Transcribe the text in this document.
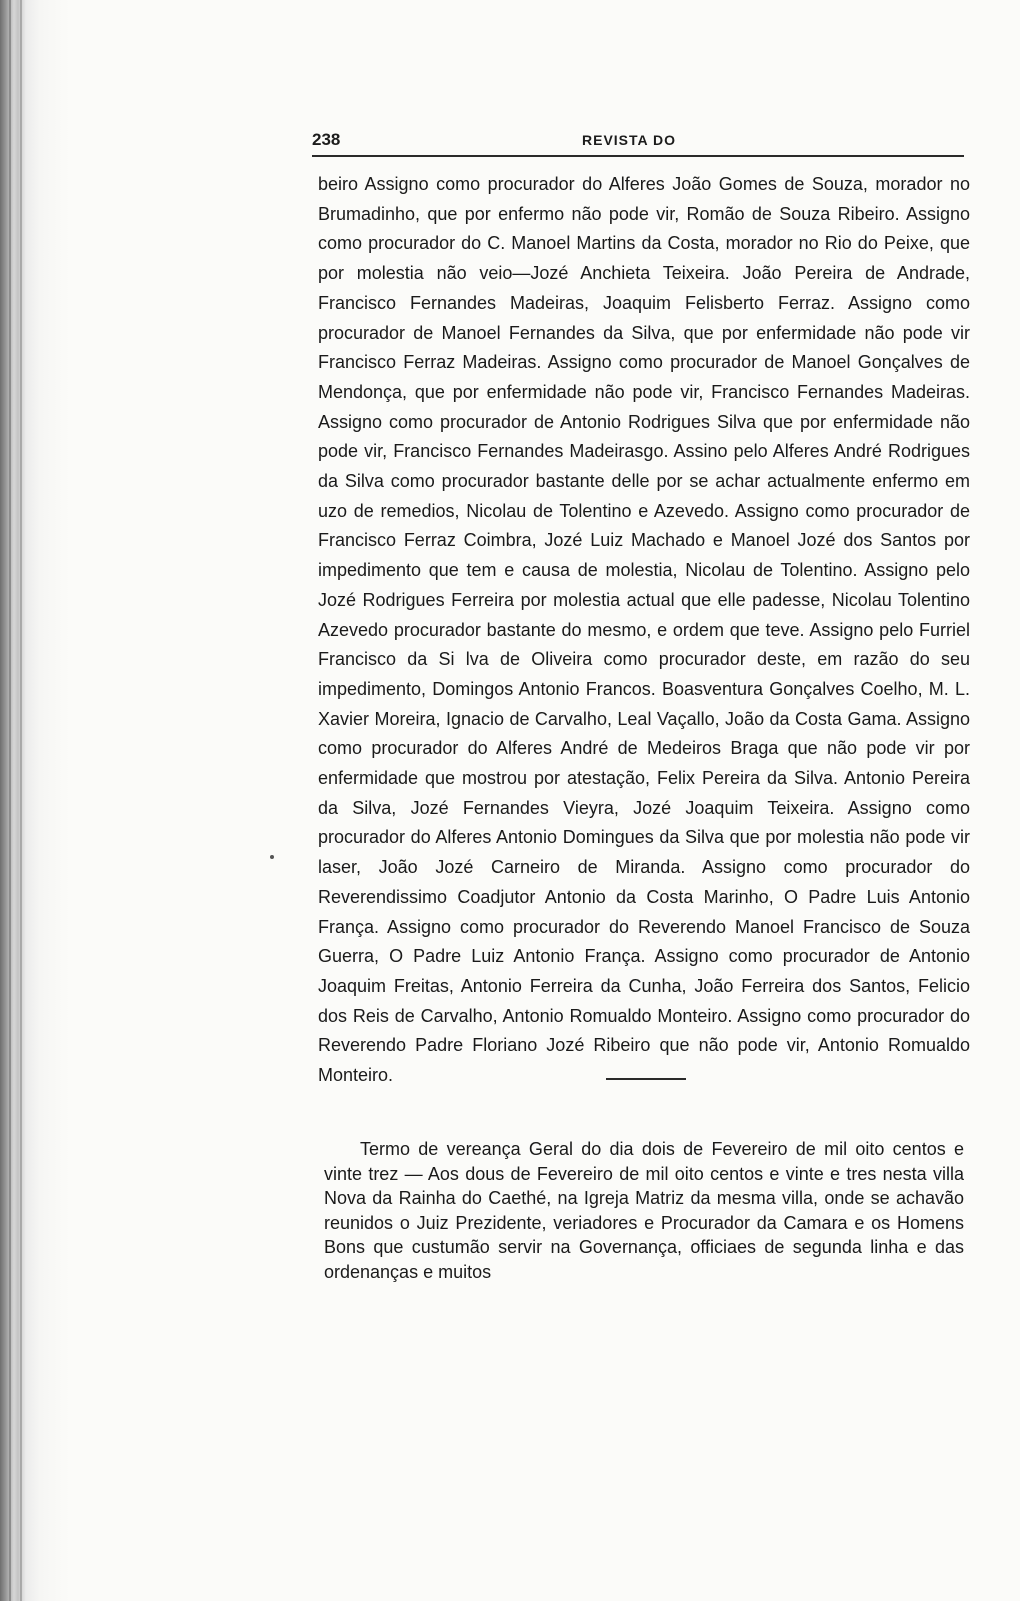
238	REVISTA DO
beiro Assigno como procurador do Alferes João Gomes de Souza, morador no Brumadinho, que por enfermo não pode vir, Romão de Souza Ribeiro. Assigno como procurador do C. Manoel Martins da Costa, morador no Rio do Peixe, que por molestia não veio—Jozé Anchieta Teixeira. João Pereira de Andrade, Francisco Fernandes Madeiras, Joaquim Felisberto Ferraz. Assigno como procurador de Manoel Fernandes da Silva, que por enfermidade não pode vir Francisco Ferraz Madeiras. Assigno como procurador de Manoel Gonçalves de Mendonça, que por enfermidade não pode vir, Francisco Fernandes Madeiras. Assigno como procurador de Antonio Rodrigues Silva que por enfermidade não pode vir, Francisco Fernandes Madeirasgo. Assino pelo Alferes André Rodrigues da Silva como procurador bastante delle por se achar actualmente enfermo em uzo de remedios, Nicolau de Tolentino e Azevedo. Assigno como procurador de Francisco Ferraz Coimbra, Jozé Luiz Machado e Manoel Jozé dos Santos por impedimento que tem e causa de molestia, Nicolau de Tolentino. Assigno pelo Jozé Rodrigues Ferreira por molestia actual que elle padesse, Nicolau Tolentino Azevedo procurador bastante do mesmo, e ordem que teve. Assigno pelo Furriel Francisco da Si lva de Oliveira como procurador deste, em razão do seu impedimento, Domingos Antonio Francos. Boasventura Gonçalves Coelho, M. L. Xavier Moreira, Ignacio de Carvalho, Leal Vaçallo, João da Costa Gama. Assigno como procurador do Alferes André de Medeiros Braga que não pode vir por enfermidade que mostrou por atestação, Felix Pereira da Silva. Antonio Pereira da Silva, Jozé Fernandes Vieyra, Jozé Joaquim Teixeira. Assigno como procurador do Alferes Antonio Domingues da Silva que por molestia não pode vir laser, João Jozé Carneiro de Miranda. Assigno como procurador do Reverendissimo Coadjutor Antonio da Costa Marinho, O Padre Luis Antonio França. Assigno como procurador do Reverendo Manoel Francisco de Souza Guerra, O Padre Luiz Antonio França. Assigno como procurador de Antonio Joaquim Freitas, Antonio Ferreira da Cunha, João Ferreira dos Santos, Felicio dos Reis de Carvalho, Antonio Romualdo Monteiro. Assigno como procurador do Reverendo Padre Floriano Jozé Ribeiro que não pode vir, Antonio Romualdo Monteiro.
Termo de vereança Geral do dia dois de Fevereiro de mil oito centos e vinte trez — Aos dous de Fevereiro de mil oito centos e vinte e tres nesta villa Nova da Rainha do Caethé, na Igreja Matriz da mesma villa, onde se achavão reunidos o Juiz Prezidente, veriadores e Procurador da Camara e os Homens Bons que custumão servir na Governança, officiaes de segunda linha e das ordenanças e muitos
